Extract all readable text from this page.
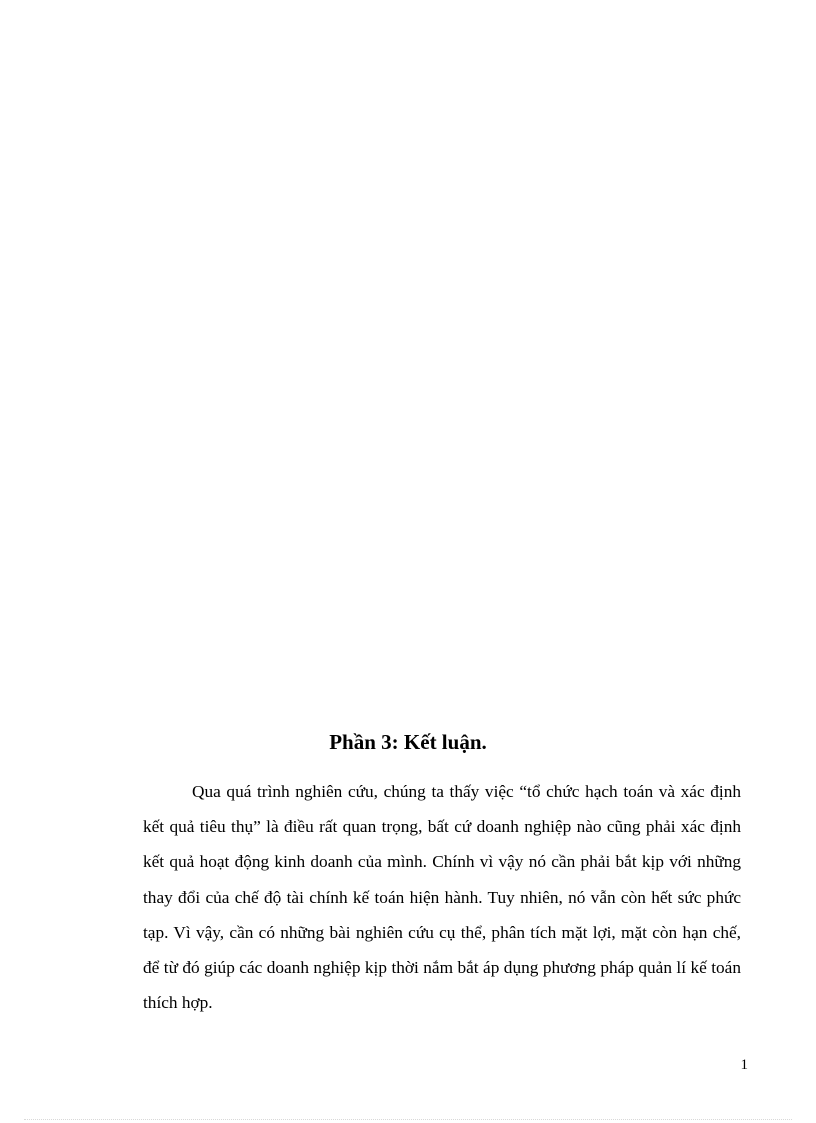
Phần 3: Kết luận.

Qua quá trình nghiên cứu, chúng ta thấy việc “tổ chức hạch toán và xác định kết quả tiêu thụ” là điều rất quan trọng, bất cứ doanh nghiệp nào cũng phải xác định kết quả hoạt động kinh doanh của mình. Chính vì vậy nó cần phải bắt kịp với những thay đổi của chế độ tài chính kế toán hiện hành. Tuy nhiên, nó vẫn còn hết sức phức tạp. Vì vậy, cần có những bài nghiên cứu cụ thể, phân tích mặt lợi, mặt còn hạn chế, để từ đó giúp các doanh nghiệp kịp thời nắm bắt áp dụng phương pháp quản lí kế toán thích hợp.

1
